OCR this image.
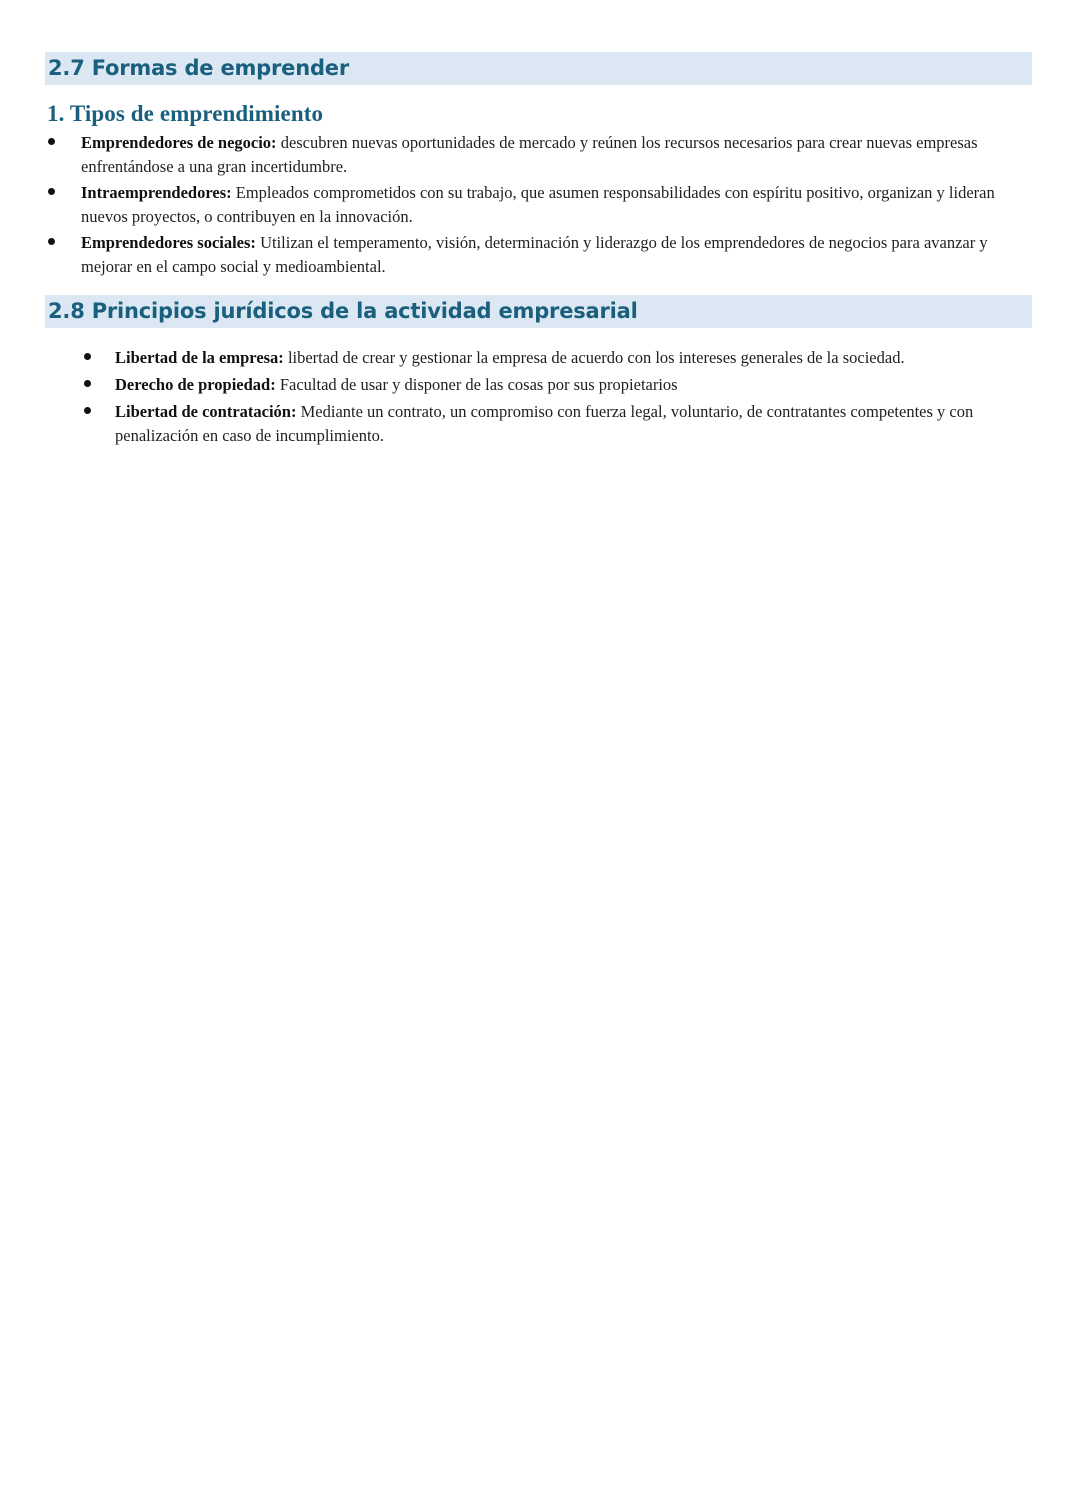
2.7 Formas de emprender
1. Tipos de emprendimiento
Emprendedores de negocio: descubren nuevas oportunidades de mercado y reúnen los recursos necesarios para crear nuevas empresas enfrentándose a una gran incertidumbre.
Intraemprendedores: Empleados comprometidos con su trabajo, que asumen responsabilidades con espíritu positivo, organizan y lideran nuevos proyectos, o contribuyen en la innovación.
Emprendedores sociales: Utilizan el temperamento, visión, determinación y liderazgo de los emprendedores de negocios para avanzar y mejorar en el campo social y medioambiental.
2.8 Principios jurídicos de la actividad empresarial
Libertad de la empresa: libertad de crear y gestionar la empresa de acuerdo con los intereses generales de la sociedad.
Derecho de propiedad: Facultad de usar y disponer de las cosas por sus propietarios
Libertad de contratación: Mediante un contrato, un compromiso con fuerza legal, voluntario, de contratantes competentes y con penalización en caso de incumplimiento.
